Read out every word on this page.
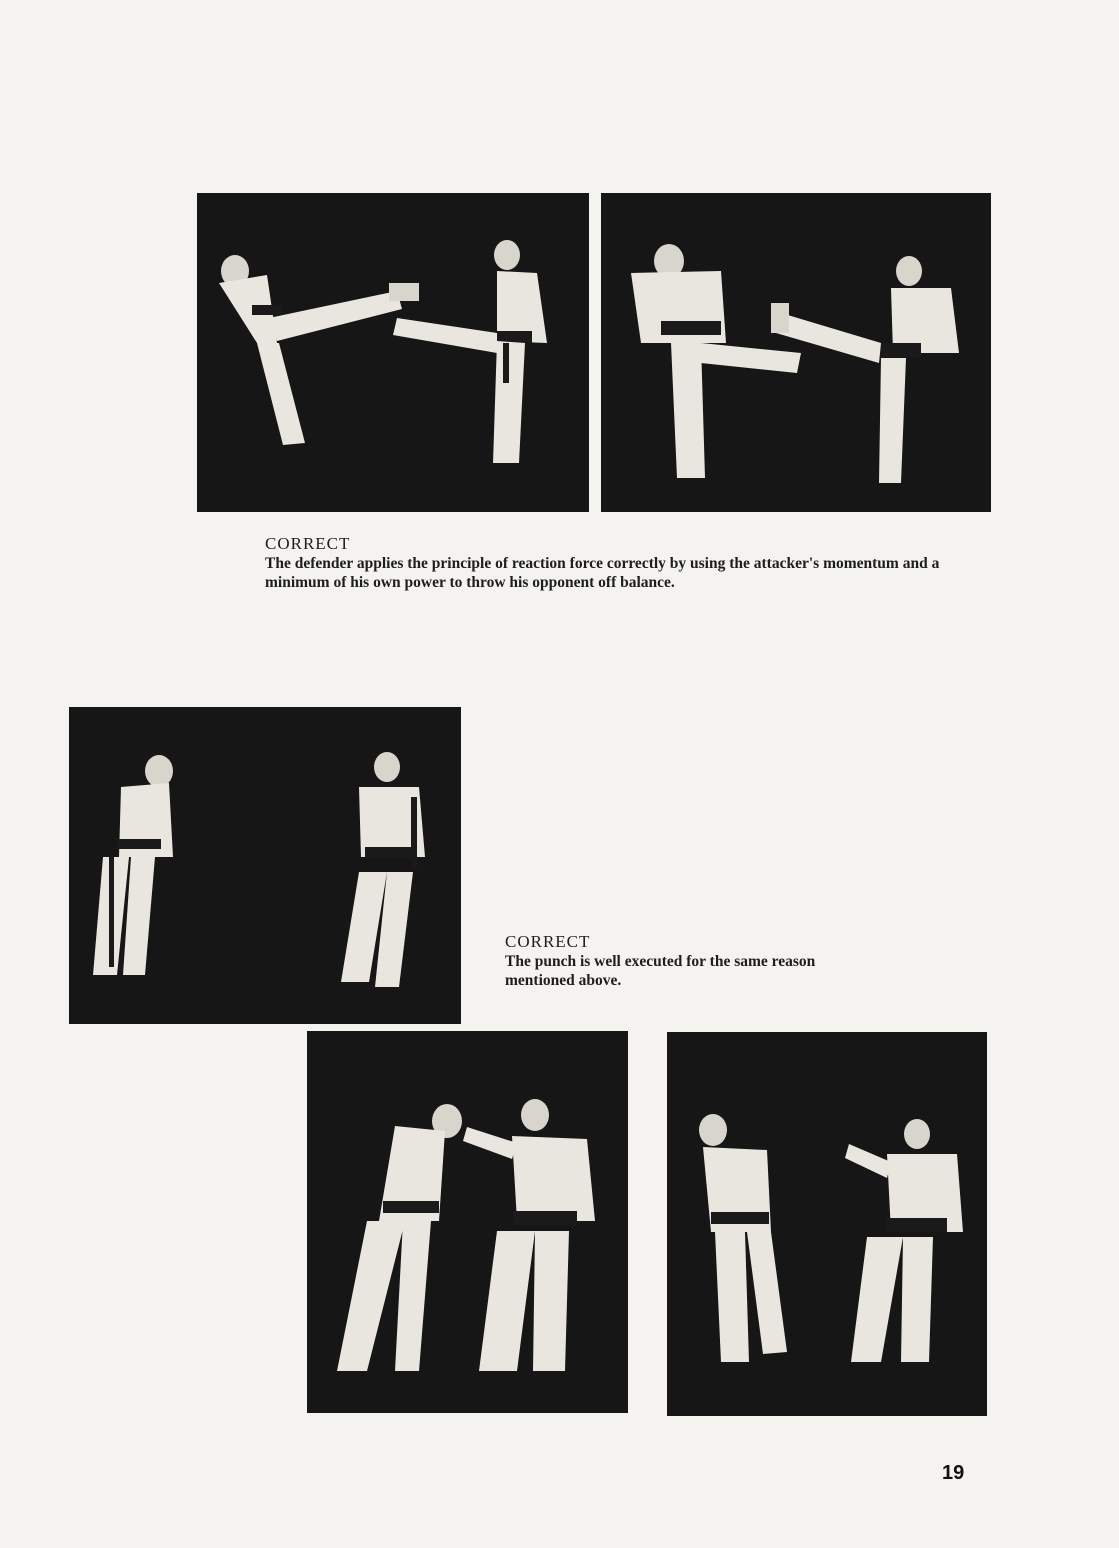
CORRECT
The defender applies the principle of reaction force correctly by using the attacker's momentum and a minimum of his own power to throw his opponent off balance.
CORRECT
The punch is well executed for the same reason mentioned above.
19
